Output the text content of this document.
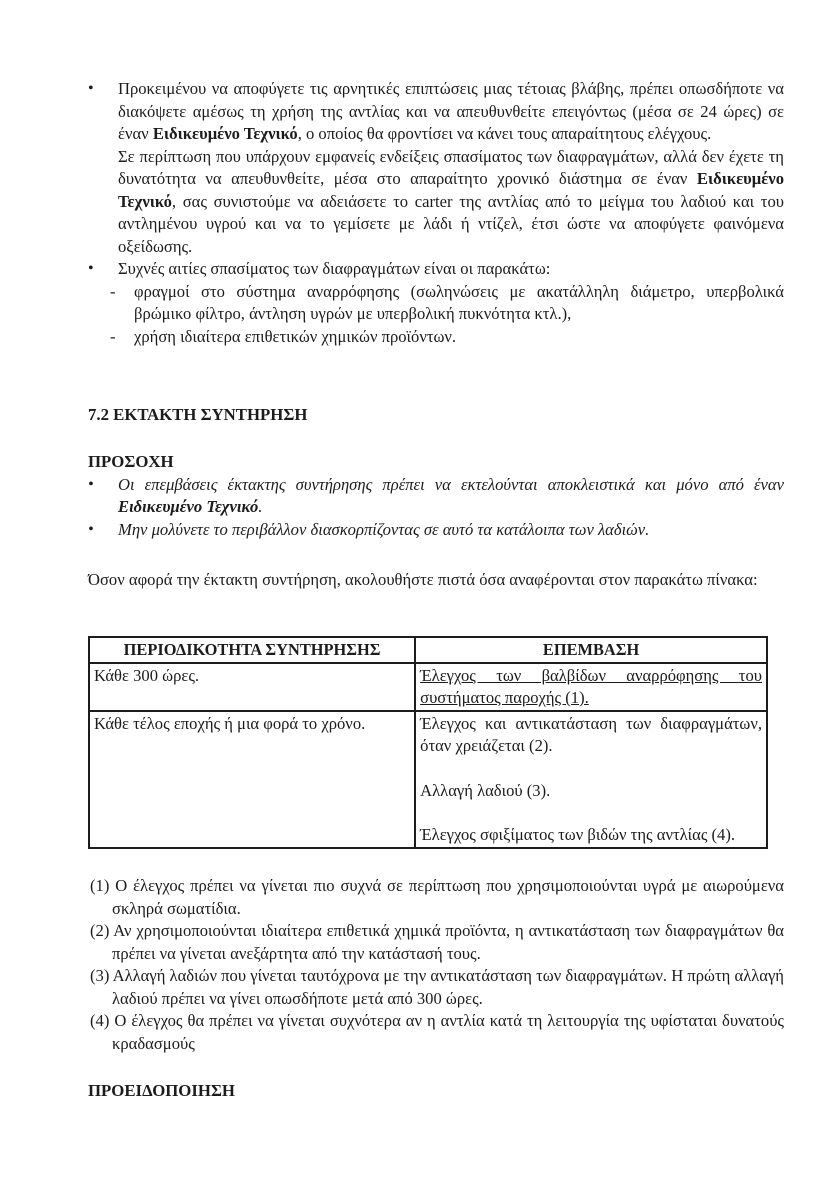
• Προκειμένου να αποφύγετε τις αρνητικές επιπτώσεις μιας τέτοιας βλάβης, πρέπει οπωσδήποτε να διακόψετε αμέσως τη χρήση της αντλίας και να απευθυνθείτε επειγόντως (μέσα σε 24 ώρες) σε έναν Ειδικευμένο Τεχνικό, ο οποίος θα φροντίσει να κάνει τους απαραίτητους ελέγχους.

Σε περίπτωση που υπάρχουν εμφανείς ενδείξεις σπασίματος των διαφραγμάτων, αλλά δεν έχετε τη δυνατότητα να απευθυνθείτε, μέσα στο απαραίτητο χρονικό διάστημα σε έναν Ειδικευμένο Τεχνικό, σας συνιστούμε να αδειάσετε το carter της αντλίας από το μείγμα του λαδιού και του αντλημένου υγρού και να το γεμίσετε με λάδι ή ντίζελ, έτσι ώστε να αποφύγετε φαινόμενα οξείδωσης.

• Συχνές αιτίες σπασίματος των διαφραγμάτων είναι οι παρακάτω:

- φραγμοί στο σύστημα αναρρόφησης (σωληνώσεις με ακατάλληλη διάμετρο, υπερβολικά βρώμικο φίλτρο, άντληση υγρών με υπερβολική πυκνότητα κτλ.),
- χρήση ιδιαίτερα επιθετικών χημικών προϊόντων.
7.2 ΕΚΤΑΚΤΗ ΣΥΝΤΗΡΗΣΗ
ΠΡΟΣΟΧΗ
• Οι επεμβάσεις έκτακτης συντήρησης πρέπει να εκτελούνται αποκλειστικά και μόνο από έναν Ειδικευμένο Τεχνικό.
• Μην μολύνετε το περιβάλλον διασκορπίζοντας σε αυτό τα κατάλοιπα των λαδιών.

Όσον αφορά την έκτακτη συντήρηση, ακολουθήστε πιστά όσα αναφέρονται στον παρακάτω πίνακα:

ΠΕΡΙΟΔΙΚΟΤΗΤΑ ΣΥΝΤΗΡΗΣΗΣ	ΕΠΕΜΒΑΣΗ
Κάθε 300 ώρες.	Έλεγχος των βαλβίδων αναρρόφησης του συστήματος παροχής (1).
Κάθε τέλος εποχής ή μια φορά το χρόνο.	Έλεγχος και αντικατάσταση των διαφραγμάτων, όταν χρειάζεται (2).

Αλλαγή λαδιού (3).

Έλεγχος σφιξίματος των βιδών της αντλίας (4).

(1) Ο έλεγχος πρέπει να γίνεται πιο συχνά σε περίπτωση που χρησιμοποιούνται υγρά με αιωρούμενα σκληρά σωματίδια.
(2) Αν χρησιμοποιούνται ιδιαίτερα επιθετικά χημικά προϊόντα, η αντικατάσταση των διαφραγμάτων θα πρέπει να γίνεται ανεξάρτητα από την κατάστασή τους.
(3) Αλλαγή λαδιών που γίνεται ταυτόχρονα με την αντικατάσταση των διαφραγμάτων. Η πρώτη αλλαγή λαδιού πρέπει να γίνει οπωσδήποτε μετά από 300 ώρες.
(4) Ο έλεγχος θα πρέπει να γίνεται συχνότερα αν η αντλία κατά τη λειτουργία της υφίσταται δυνατούς κραδασμούς
ΠΡΟΕΙΔΟΠΟΙΗΣΗ
